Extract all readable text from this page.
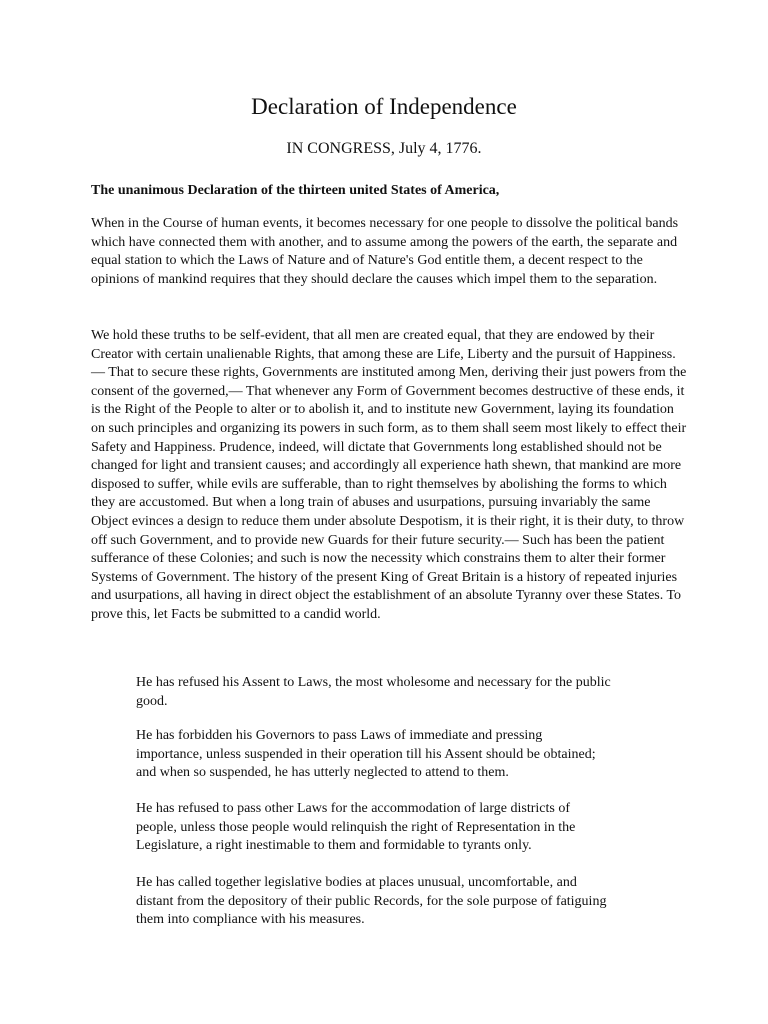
Declaration of Independence
IN CONGRESS, July 4, 1776.

The unanimous Declaration of the thirteen united States of America,

When in the Course of human events, it becomes necessary for one people to dissolve the political bands which have connected them with another, and to assume among the powers of the earth, the separate and equal station to which the Laws of Nature and of Nature's God entitle them, a decent respect to the opinions of mankind requires that they should declare the causes which impel them to the separation.

We hold these truths to be self-evident, that all men are created equal, that they are endowed by their Creator with certain unalienable Rights, that among these are Life, Liberty and the pursuit of Happiness.— That to secure these rights, Governments are instituted among Men, deriving their just powers from the consent of the governed,— That whenever any Form of Government becomes destructive of these ends, it is the Right of the People to alter or to abolish it, and to institute new Government, laying its foundation on such principles and organizing its powers in such form, as to them shall seem most likely to effect their Safety and Happiness. Prudence, indeed, will dictate that Governments long established should not be changed for light and transient causes; and accordingly all experience hath shewn, that mankind are more disposed to suffer, while evils are sufferable, than to right themselves by abolishing the forms to which they are accustomed. But when a long train of abuses and usurpations, pursuing invariably the same Object evinces a design to reduce them under absolute Despotism, it is their right, it is their duty, to throw off such Government, and to provide new Guards for their future security.— Such has been the patient sufferance of these Colonies; and such is now the necessity which constrains them to alter their former Systems of Government. The history of the present King of Great Britain is a history of repeated injuries and usurpations, all having in direct object the establishment of an absolute Tyranny over these States. To prove this, let Facts be submitted to a candid world.

He has refused his Assent to Laws, the most wholesome and necessary for the public good.

He has forbidden his Governors to pass Laws of immediate and pressing importance, unless suspended in their operation till his Assent should be obtained; and when so suspended, he has utterly neglected to attend to them.

He has refused to pass other Laws for the accommodation of large districts of people, unless those people would relinquish the right of Representation in the Legislature, a right inestimable to them and formidable to tyrants only.

He has called together legislative bodies at places unusual, uncomfortable, and distant from the depository of their public Records, for the sole purpose of fatiguing them into compliance with his measures.
